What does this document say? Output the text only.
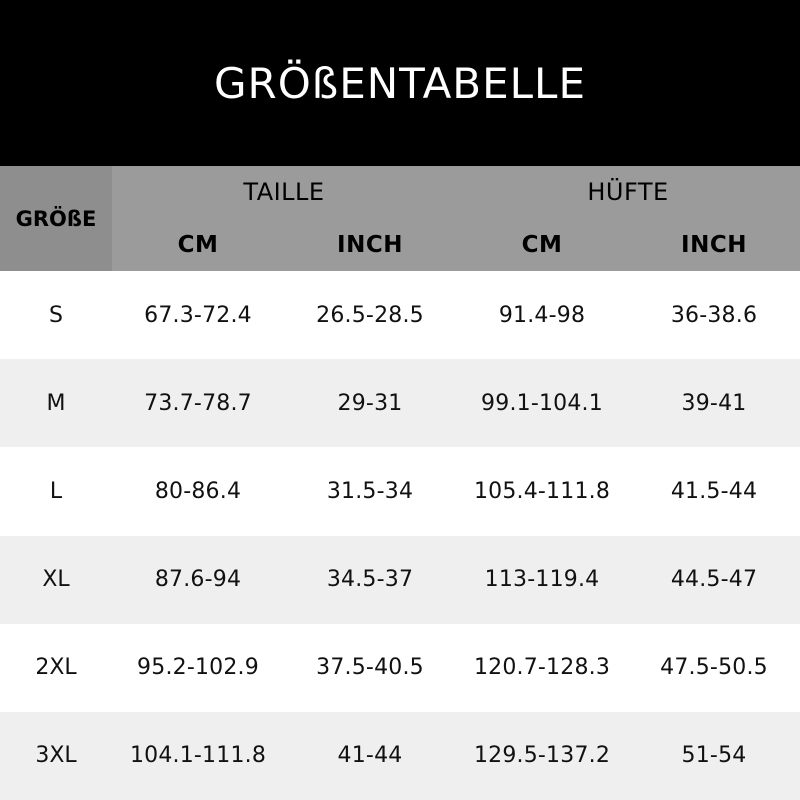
GRÖßENTABELLE
GRÖßE
TAILLE	HÜFTE
CM	INCH	CM	INCH
S	67.3-72.4	26.5-28.5	91.4-98	36-38.6
M	73.7-78.7	29-31	99.1-104.1	39-41
L	80-86.4	31.5-34	105.4-111.8	41.5-44
XL	87.6-94	34.5-37	113-119.4	44.5-47
2XL	95.2-102.9	37.5-40.5	120.7-128.3	47.5-50.5
3XL	104.1-111.8	41-44	129.5-137.2	51-54
